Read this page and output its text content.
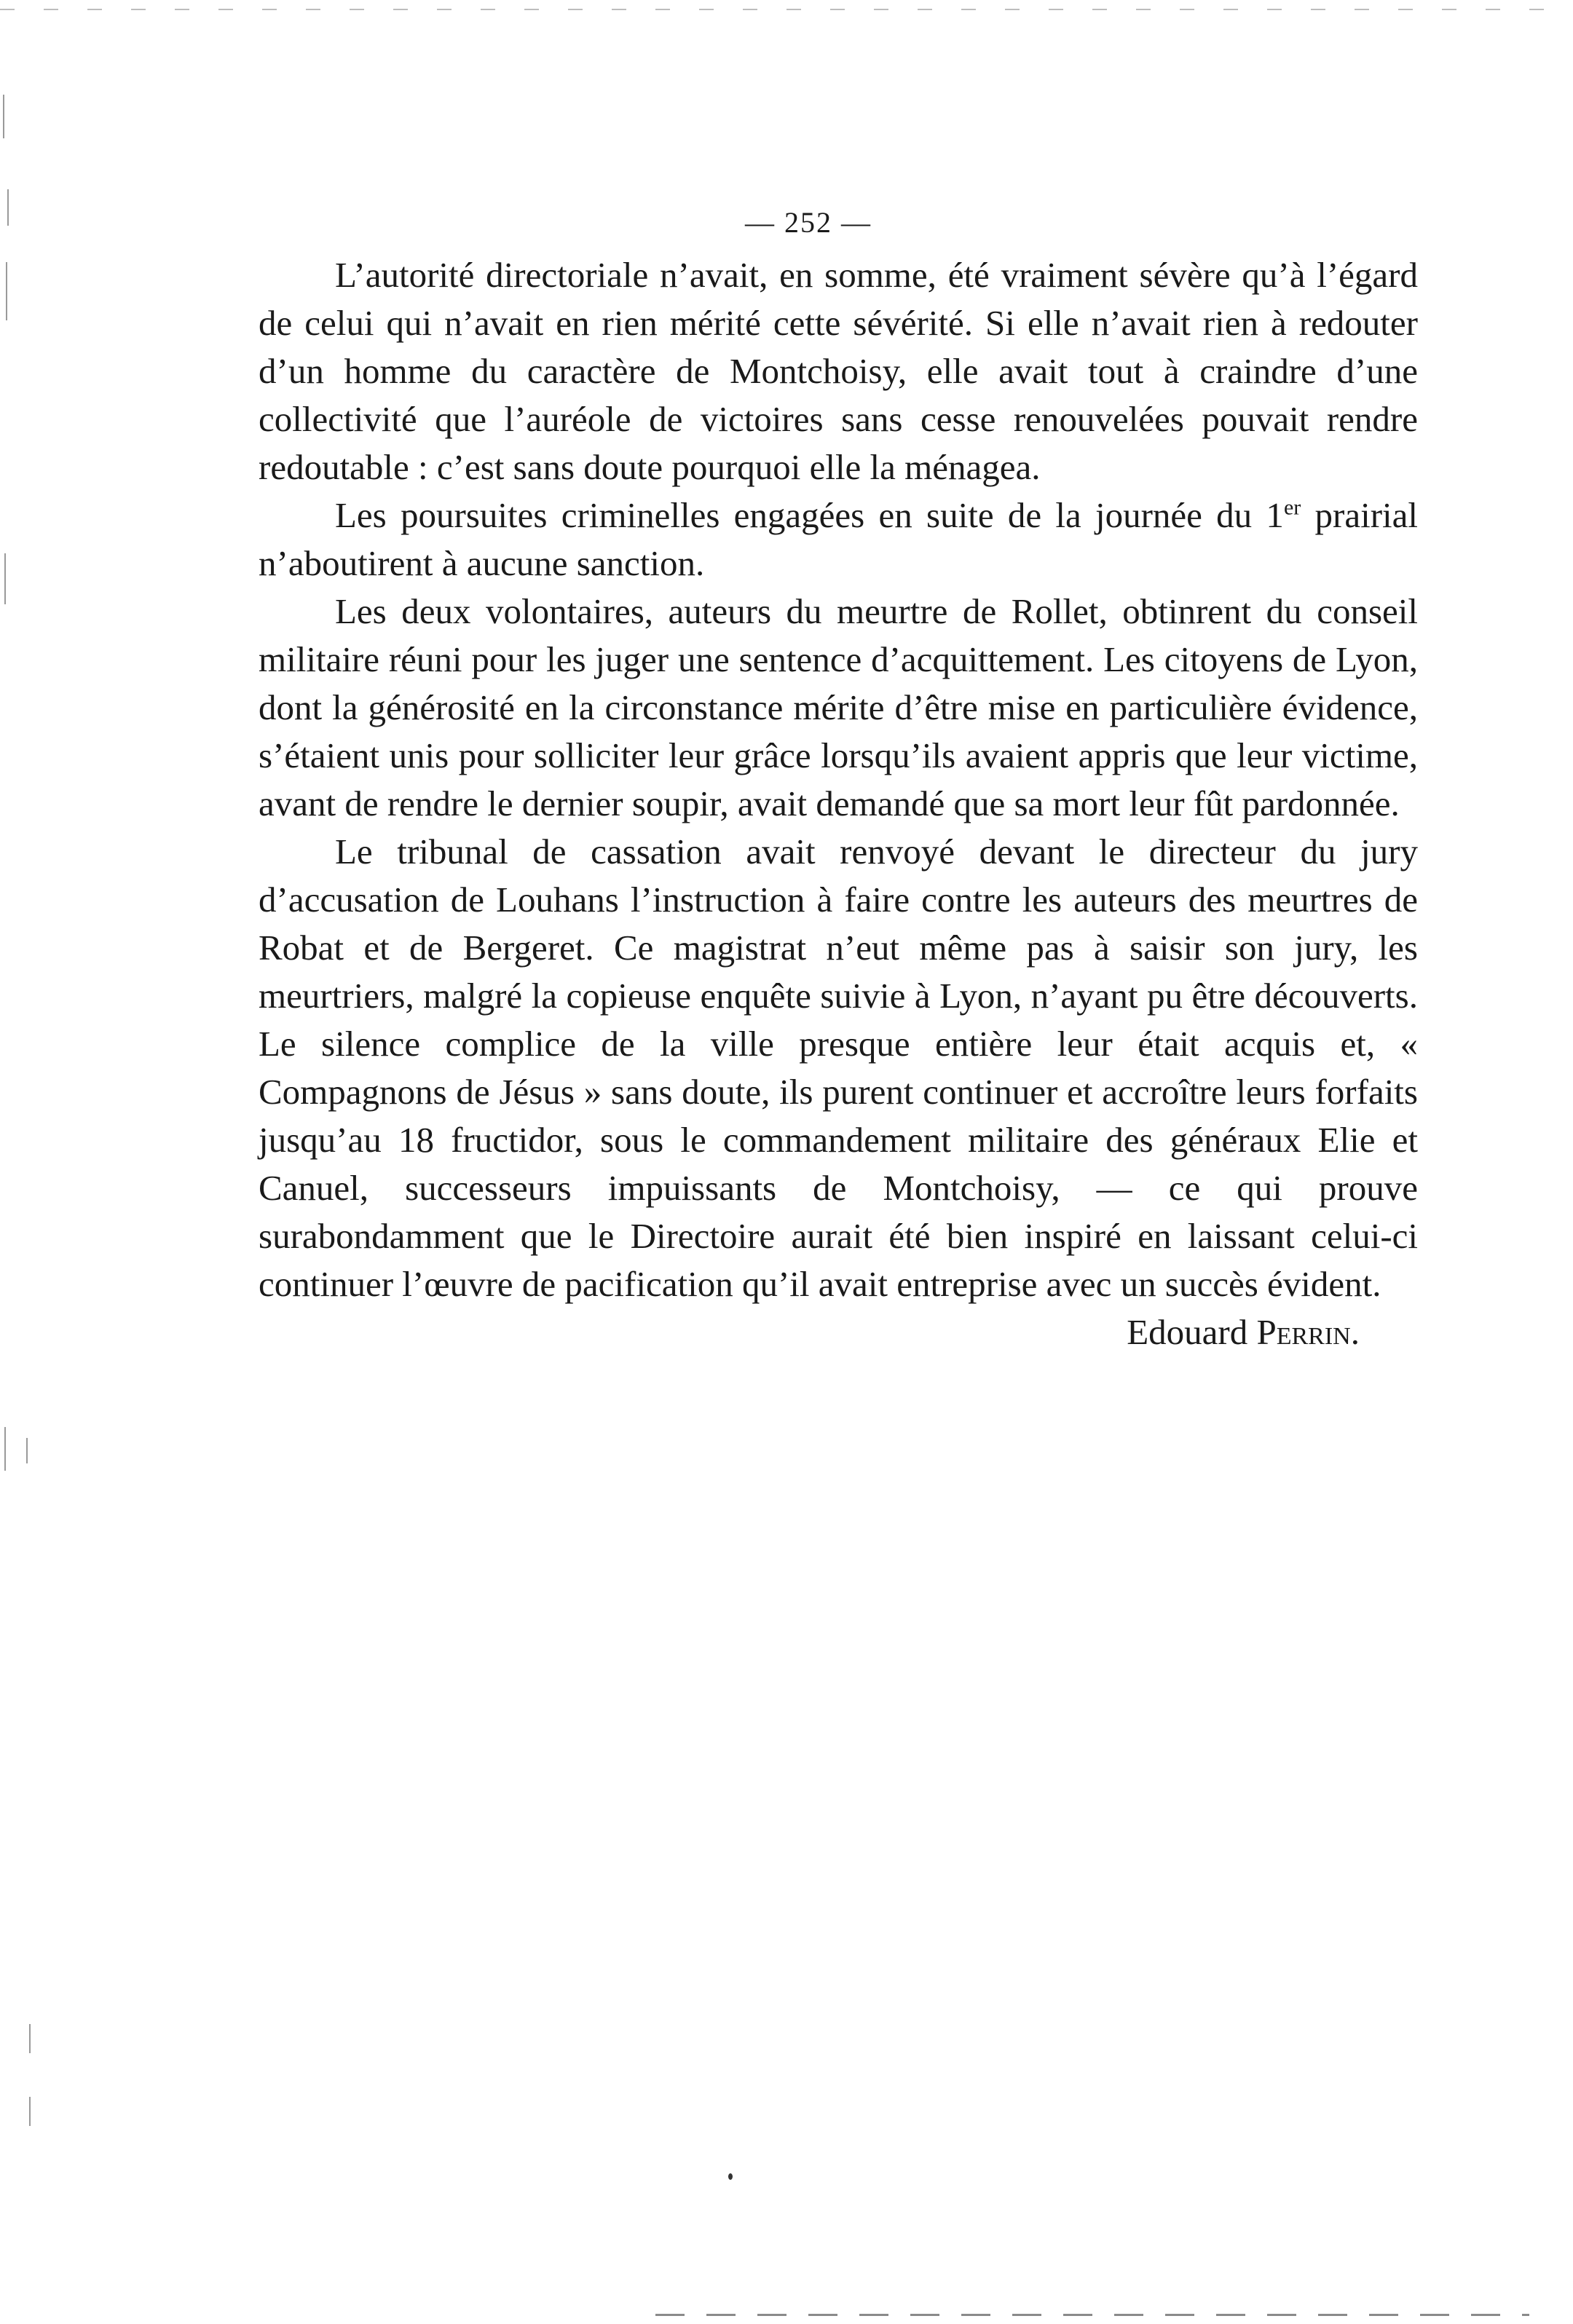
— 252 —

L’autorité directoriale n’avait, en somme, été vraiment sévère qu’à l’égard de celui qui n’avait en rien mérité cette sévérité. Si elle n’avait rien à redouter d’un homme du caractère de Montchoisy, elle avait tout à craindre d’une collectivité que l’auréole de victoires sans cesse renouvelées pouvait rendre redoutable : c’est sans doute pourquoi elle la ménagea.

Les poursuites criminelles engagées en suite de la journée du 1er prairial n’aboutirent à aucune sanction.

Les deux volontaires, auteurs du meurtre de Rollet, obtinrent du conseil militaire réuni pour les juger une sentence d’acquittement. Les citoyens de Lyon, dont la générosité en la circonstance mérite d’être mise en particulière évidence, s’étaient unis pour solliciter leur grâce lorsqu’ils avaient appris que leur victime, avant de rendre le dernier soupir, avait demandé que sa mort leur fût pardonnée.

Le tribunal de cassation avait renvoyé devant le directeur du jury d’accusation de Louhans l’instruction à faire contre les auteurs des meurtres de Robat et de Bergeret. Ce magistrat n’eut même pas à saisir son jury, les meurtriers, malgré la copieuse enquête suivie à Lyon, n’ayant pu être découverts. Le silence complice de la ville presque entière leur était acquis et, « Compagnons de Jésus » sans doute, ils purent continuer et accroître leurs forfaits jusqu’au 18 fructidor, sous le commandement militaire des généraux Elie et Canuel, successeurs impuissants de Montchoisy, — ce qui prouve surabondamment que le Directoire aurait été bien inspiré en laissant celui-ci continuer l’œuvre de pacification qu’il avait entreprise avec un succès évident.

Edouard Perrin.
